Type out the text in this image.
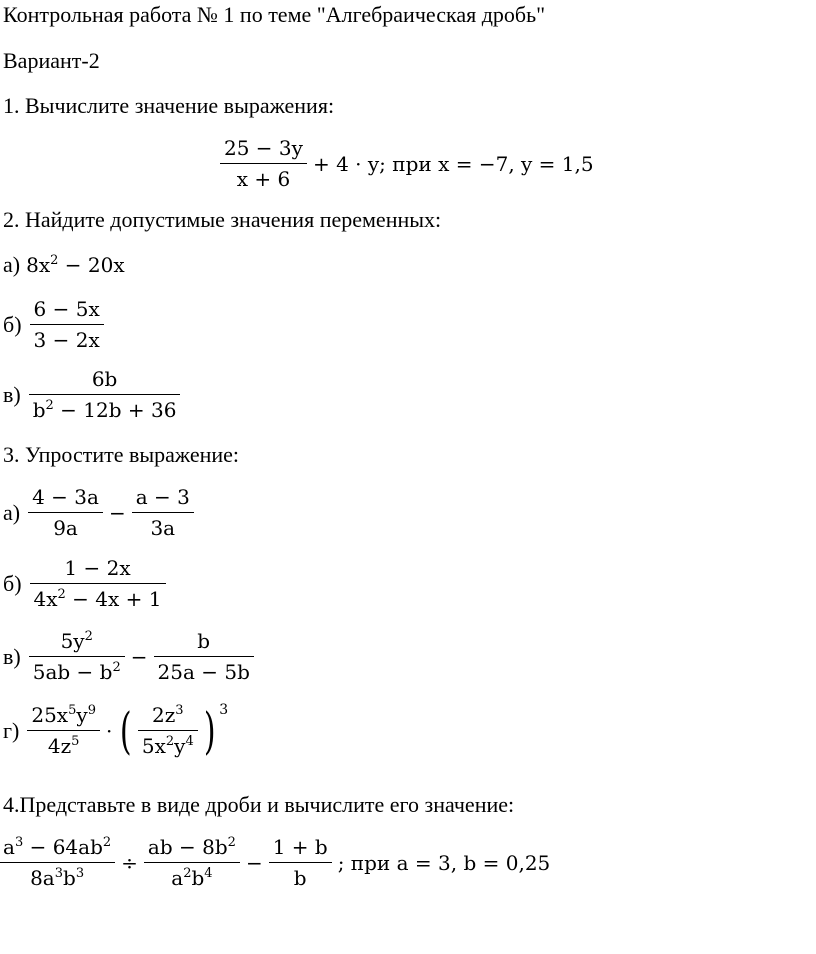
Контрольная работа № 1 по теме "Алгебраическая дробь"
Вариант-2
1. Вычислите значение выражения:
$\frac{25 - 3y}{x + 6} + 4 \cdot y$; при x = −7, y = 1,5
2. Найдите допустимые значения переменных:
а) $8x^2 - 20x$
$б) \frac{6 - 5x}{3 - 2x}$
$в) \frac{6b}{b^2 - 12b + 36}$
3. Упростите выражение:
$а) \frac{4 - 3a}{9a} - \frac{a - 3}{3a}$
$б) \frac{1 - 2x}{4x^2 - 4x + 1}$
$в) \frac{5y^2}{5ab - b^2} - \frac{b}{25a - 5b}$
$г) \frac{25x^5y^9}{4z^5}$ · ( $\frac{2z^3}{5x^2y^4}$ ) 3
4.Представьте в виде дроби и вычислите его значение:
$\frac{a^3 - 64ab^2}{8a^3b^3} \div \frac{ab - 8b^2}{a^2b^4} - \frac{1 + b}{b}$ ; при a = 3, b = 0,25
